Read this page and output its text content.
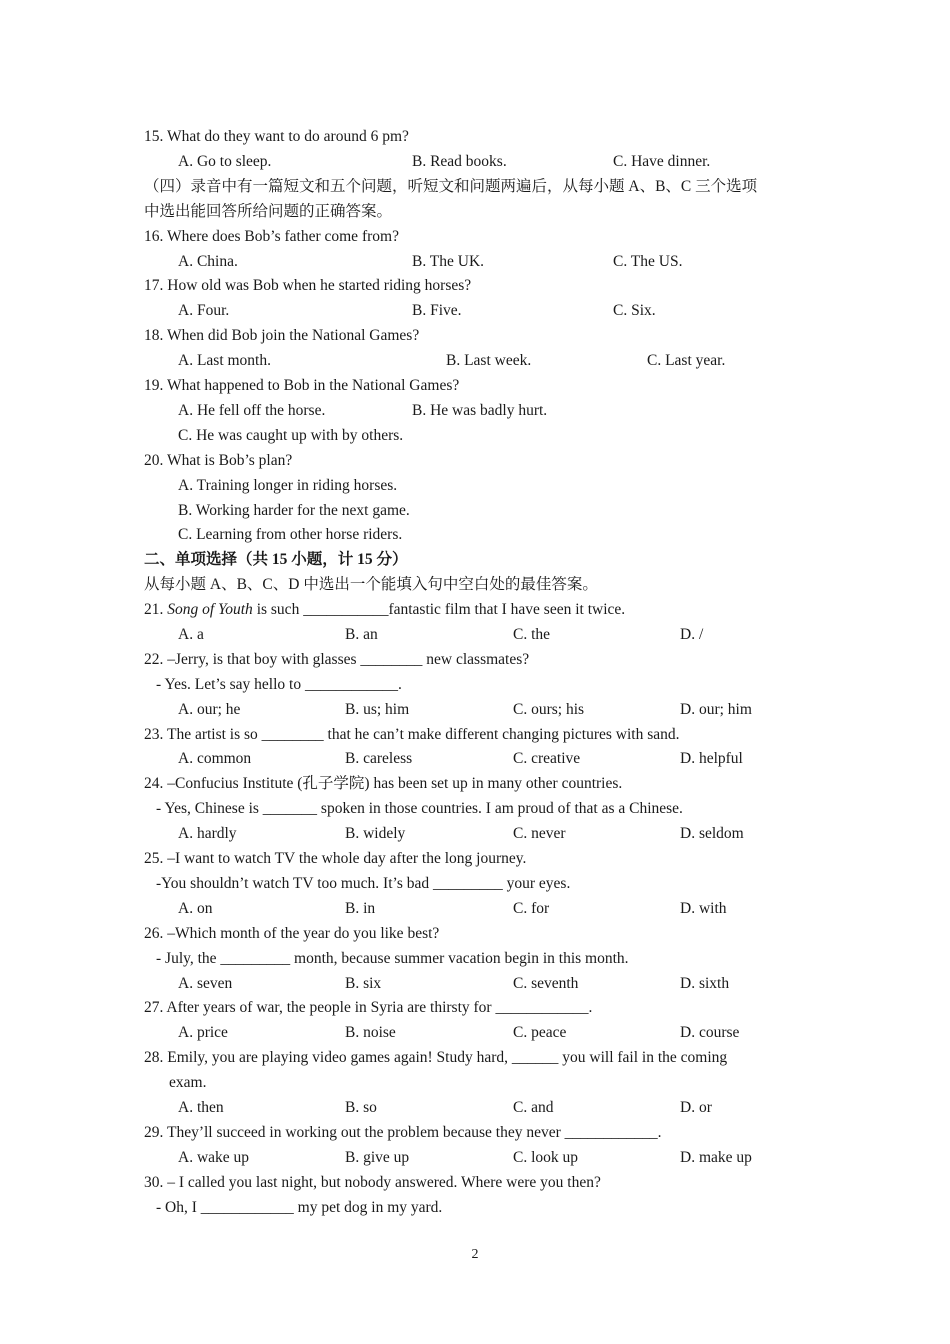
15. What do they want to do around 6 pm?
A. Go to sleep.	B. Read books.	C. Have dinner.
（四）录音中有一篇短文和五个问题，听短文和问题两遍后，从每小题 A、B、C 三个选项
中选出能回答所给问题的正确答案。
16. Where does Bob’s father come from?
A. China.	B. The UK.	C. The US.
17. How old was Bob when he started riding horses?
A. Four.	B. Five.	C. Six.
18. When did Bob join the National Games?
A. Last month.	B. Last week.	C. Last year.
19. What happened to Bob in the National Games?
A. He fell off the horse.	B. He was badly hurt.
C. He was caught up with by others.
20. What is Bob’s plan?
A. Training longer in riding horses.
B. Working harder for the next game.
C. Learning from other horse riders.
二、单项选择（共 15 小题，计 15 分）
从每小题 A、B、C、D 中选出一个能填入句中空白处的最佳答案。
21. Song of Youth is such ___________fantastic film that I have seen it twice.
A. a	B. an	C. the	D. /
22. –Jerry, is that boy with glasses ________ new classmates?
- Yes. Let’s say hello to ____________.
A. our; he	B. us; him	C. ours; his	D. our; him
23. The artist is so ________ that he can’t make different changing pictures with sand.
A. common	B. careless	C. creative	D. helpful
24. –Confucius Institute (孔子学院) has been set up in many other countries.
- Yes, Chinese is _______ spoken in those countries. I am proud of that as a Chinese.
A. hardly	B. widely	C. never	D. seldom
25. –I want to watch TV the whole day after the long journey.
-You shouldn’t watch TV too much. It’s bad _________ your eyes.
A. on	B. in	C. for	D. with
26. –Which month of the year do you like best?
- July, the _________ month, because summer vacation begin in this month.
A. seven	B. six	C. seventh	D. sixth
27. After years of war, the people in Syria are thirsty for ____________.
A. price	B. noise	C. peace	D. course
28. Emily, you are playing video games again! Study hard, ______ you will fail in the coming
exam.
A. then	B. so	C. and	D. or
29. They’ll succeed in working out the problem because they never ____________.
A. wake up	B. give up	C. look up	D. make up
30. – I called you last night, but nobody answered. Where were you then?
- Oh, I ____________ my pet dog in my yard.
2
